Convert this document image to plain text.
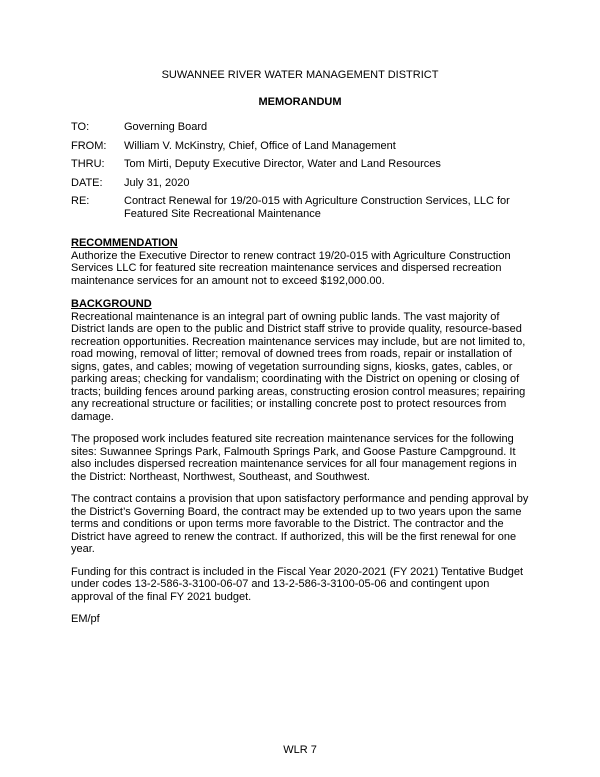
SUWANNEE RIVER WATER MANAGEMENT DISTRICT
MEMORANDUM
TO:	Governing Board
FROM:	William V. McKinstry, Chief, Office of Land Management
THRU:	Tom Mirti, Deputy Executive Director, Water and Land Resources
DATE:	July 31, 2020
RE:	Contract Renewal for 19/20-015 with Agriculture Construction Services, LLC for Featured Site Recreational Maintenance
RECOMMENDATION

Authorize the Executive Director to renew contract 19/20-015 with Agriculture Construction Services LLC for featured site recreation maintenance services and dispersed recreation maintenance services for an amount not to exceed $192,000.00.

BACKGROUND

Recreational maintenance is an integral part of owning public lands. The vast majority of District lands are open to the public and District staff strive to provide quality, resource-based recreation opportunities. Recreation maintenance services may include, but are not limited to, road mowing, removal of litter; removal of downed trees from roads, repair or installation of signs, gates, and cables; mowing of vegetation surrounding signs, kiosks, gates, cables, or parking areas; checking for vandalism; coordinating with the District on opening or closing of tracts; building fences around parking areas, constructing erosion control measures; repairing any recreational structure or facilities; or installing concrete post to protect resources from damage.

The proposed work includes featured site recreation maintenance services for the following sites: Suwannee Springs Park, Falmouth Springs Park, and Goose Pasture Campground. It also includes dispersed recreation maintenance services for all four management regions in the District: Northeast, Northwest, Southeast, and Southwest.

The contract contains a provision that upon satisfactory performance and pending approval by the District’s Governing Board, the contract may be extended up to two years upon the same terms and conditions or upon terms more favorable to the District. The contractor and the District have agreed to renew the contract. If authorized, this will be the first renewal for one year.

Funding for this contract is included in the Fiscal Year 2020-2021 (FY 2021) Tentative Budget under codes 13-2-586-3-3100-06-07 and 13-2-586-3-3100-05-06 and contingent upon approval of the final FY 2021 budget.

EM/pf

WLR 7
